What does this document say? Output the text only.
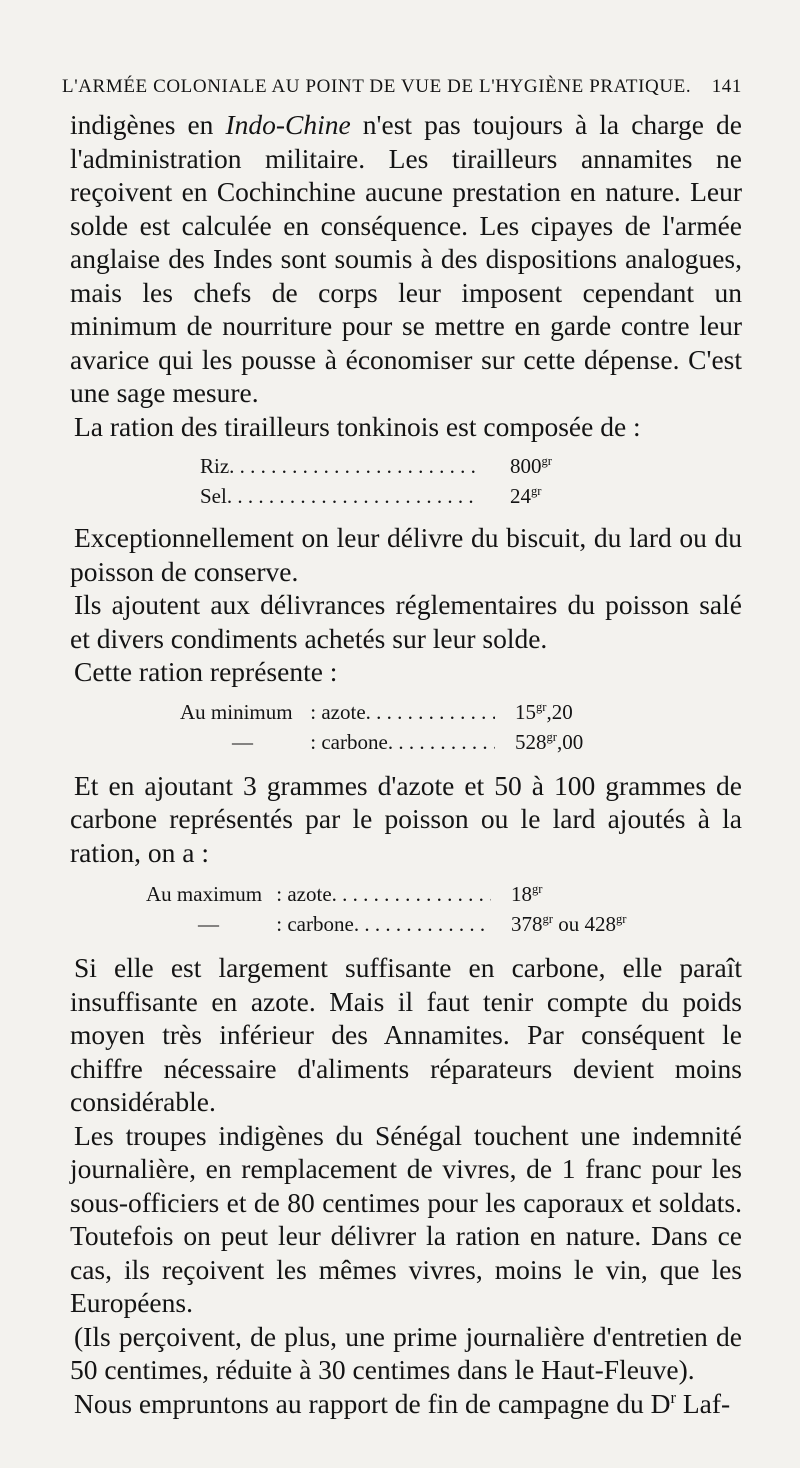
L'ARMÉE COLONIALE AU POINT DE VUE DE L'HYGIÈNE PRATIQUE. 141

indigènes en Indo-Chine n'est pas toujours à la charge de l'administration militaire. Les tirailleurs annamites ne reçoivent en Cochinchine aucune prestation en nature. Leur solde est calculée en conséquence. Les cipayes de l'armée anglaise des Indes sont soumis à des dispositions analogues, mais les chefs de corps leur imposent cependant un minimum de nourriture pour se mettre en garde contre leur avarice qui les pousse à économiser sur cette dépense. C'est une sage mesure.

La ration des tirailleurs tonkinois est composée de :

Riz . . .	$800^{gr}$
Sel . . .	$24^{gr}$

Exceptionnellement on leur délivre du biscuit, du lard ou du poisson de conserve.

Ils ajoutent aux délivrances réglementaires du poisson salé et divers condiments achetés sur leur solde.

Cette ration représente :

Au minimum : azote . . .	$15^{gr},20$
—	: carbone . . .	$528^{gr},00$

Et en ajoutant 3 grammes d'azote et 50 à 100 grammes de carbone représentés par le poisson ou le lard ajoutés à la ration, on a :

Au maximum : azote . . .	$18^{gr}$
—	: carbone . . .	$378^{gr}$ ou $428^{gr}$

Si elle est largement suffisante en carbone, elle paraît insuffisante en azote. Mais il faut tenir compte du poids moyen très inférieur des Annamites. Par conséquent le chiffre nécessaire d'aliments réparateurs devient moins considérable.

Les troupes indigènes du Sénégal touchent une indemnité journalière, en remplacement de vivres, de 1 franc pour les sous-officiers et de 80 centimes pour les caporaux et soldats. Toutefois on peut leur délivrer la ration en nature. Dans ce cas, ils reçoivent les mêmes vivres, moins le vin, que les Européens.

(Ils perçoivent, de plus, une prime journalière d'entretien de 50 centimes, réduite à 30 centimes dans le Haut-Fleuve).

Nous empruntons au rapport de fin de campagne du $D^r$ Laf-
